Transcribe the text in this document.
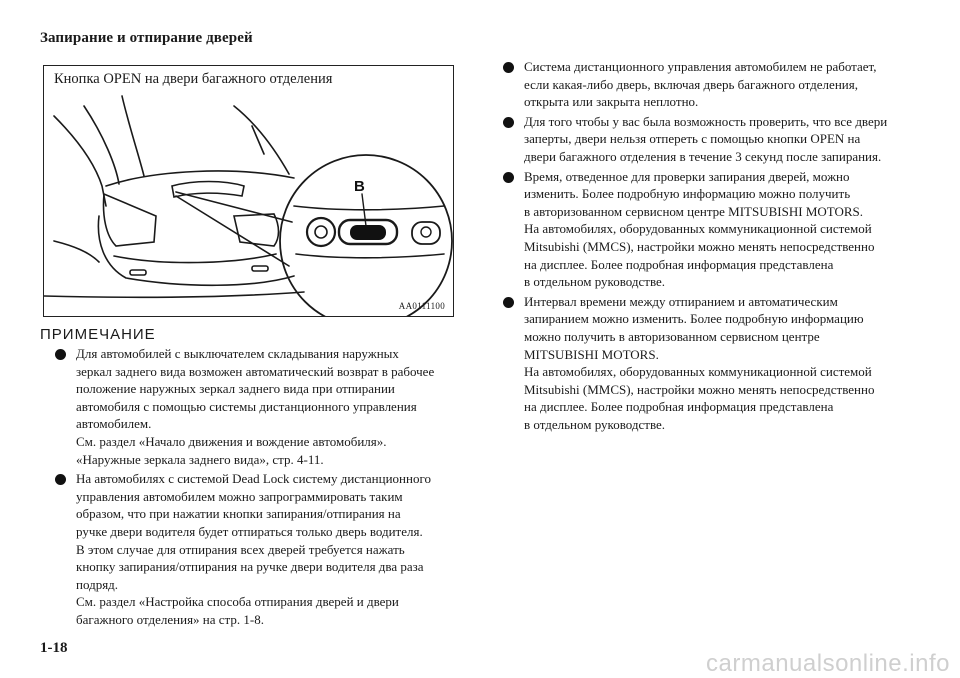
Запирание и отпирание дверей
B
Кнопка OPEN на двери багажного отделения
AA0111100
ПРИМЕЧАНИЕ

Для автомобилей с выключателем складывания наружных

зеркал заднего вида возможен автоматический возврат в рабочее

положение наружных зеркал заднего вида при отпирании

автомобиля с помощью системы дистанционного управления

автомобилем.

См. раздел «Начало движения и вождение автомобиля».

«Наружные зеркала заднего вида», стр. 4-11.

На автомобилях с системой Dead Lock систему дистанционного

управления автомобилем можно запрограммировать таким

образом, что при нажатии кнопки запирания/отпирания на

ручке двери водителя будет отпираться только дверь водителя.

В этом случае для отпирания всех дверей требуется нажать

кнопку запирания/отпирания на ручке двери водителя два раза

подряд.

См. раздел «Настройка способа отпирания дверей и двери

багажного отделения» на стр. 1-8.

Система дистанционного управления автомобилем не работает,

если какая-либо дверь, включая дверь багажного отделения,

открыта или закрыта неплотно.

Для того чтобы у вас была возможность проверить, что все двери

заперты, двери нельзя отпереть с помощью кнопки OPEN на

двери багажного отделения в течение 3 секунд после запирания.

Время, отведенное для проверки запирания дверей, можно

изменить. Более подробную информацию можно получить

в авторизованном сервисном центре MITSUBISHI MOTORS.

На автомобилях, оборудованных коммуникационной системой

Mitsubishi (MMCS), настройки можно менять непосредственно

на дисплее. Более подробная информация представлена

в отдельном руководстве.

Интервал времени между отпиранием и автоматическим

запиранием можно изменить. Более подробную информацию

можно получить в авторизованном сервисном центре

MITSUBISHI MOTORS.

На автомобилях, оборудованных коммуникационной системой

Mitsubishi (MMCS), настройки можно менять непосредственно

на дисплее. Более подробная информация представлена

в отдельном руководстве.

1-18
carmanualsonline.info
